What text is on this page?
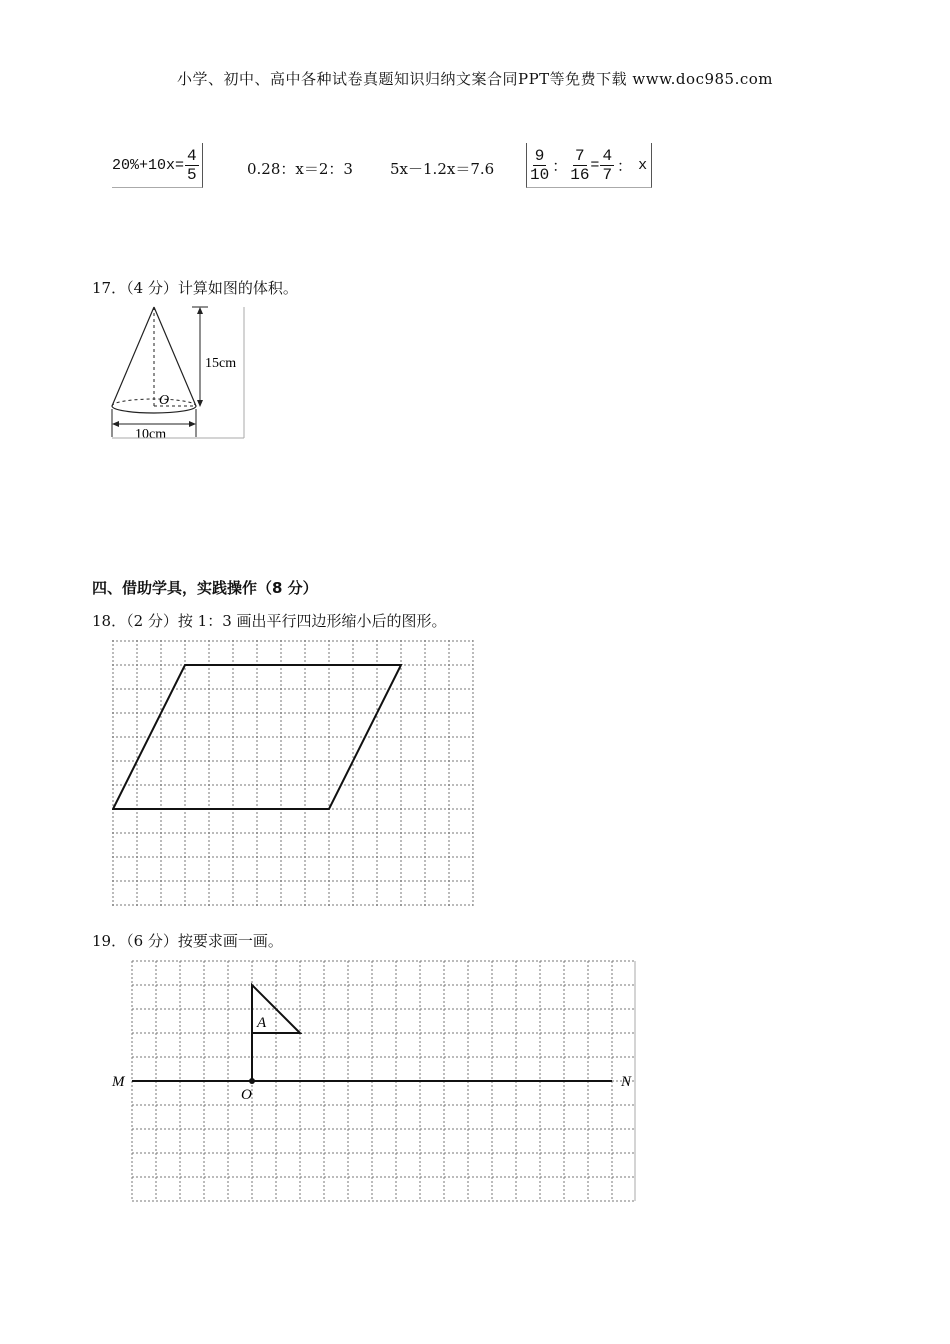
小学、初中、高中各种试卷真题知识归纳文案合同PPT等免费下载 www.doc985.com
$20\%+10x= \frac{4}{5}$	0.28：x＝2：3 $5x-1.2x=7.6 \frac{9}{10}$ ： $\frac{7}{16} = \frac{4}{7}$ ： x
17．（4 分）计算如图的体积。
O
15cm
10cm
四、借助学具，实践操作（8 分）
18．（2 分）按 1：3 画出平行四边形缩小后的图形。
19．（6 分）按要求画一画。
A
M	N
O
